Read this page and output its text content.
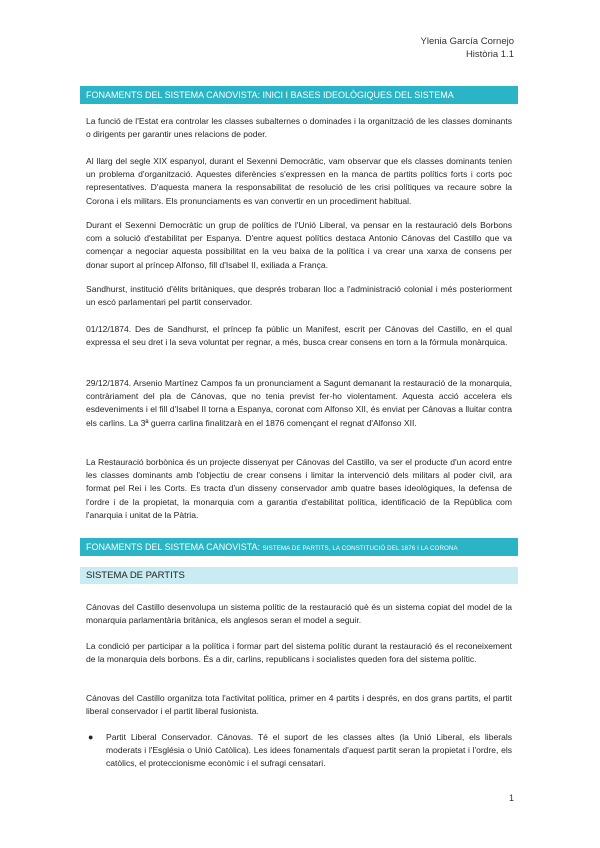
Ylenia García Cornejo
Història 1.1
FONAMENTS DEL SISTEMA CANOVISTA: INICI I BASES IDEOLÒGIQUES DEL SISTEMA

La funció de l'Estat era controlar les classes subalternes o dominades i la organització de les classes dominants o dirigents per garantir unes relacions de poder.

Al llarg del segle XIX espanyol, durant el Sexenni Democràtic, vam observar que els classes dominants tenien un problema d'organització. Aquestes diferències s'expressen en la manca de partits polítics forts i corts poc representatives. D'aquesta manera la responsabilitat de resolució de les crisi polítiques va recaure sobre la Corona i els militars. Els pronunciaments es van convertir en un procediment habitual.

Durant el Sexenni Democràtic un grup de polítics de l'Unió Liberal, va pensar en la restauració dels Borbons com a solució d'estabilitat per Espanya. D'entre aquest polítics destaca Antonio Cánovas del Castillo que va començar a negociar aquesta possibilitat en la veu baixa de la política i va crear una xarxa de consens per donar suport al príncep Alfonso, fill d'Isabel II, exiliada a França.

Sandhurst, institució d'èlits britàniques, que després trobaran lloc a l'administració colonial i més posteriorment un escó parlamentari pel partit conservador.

01/12/1874. Des de Sandhurst, el príncep fa públic un Manifest, escrit per Cánovas del Castillo, en el qual expressa el seu dret i la seva voluntat per regnar, a més, busca crear consens en torn a la fórmula monàrquica.

29/12/1874. Arsenio Martínez Campos fa un pronunciament a Sagunt demanant la restauració de la monarquia, contràriament del pla de Cánovas, que no tenia previst fer-ho violentament. Aquesta acció accelera els esdeveniments i el fill d'Isabel II torna a Espanya, coronat com Alfonso XII, és enviat per Cánovas a lluitar contra els carlins. La 3ª guerra carlina finalitzarà en el 1876 començant el regnat d'Alfonso XII.

La Restauració borbònica és un projecte dissenyat per Cánovas del Castillo, va ser el producte d'un acord entre les classes dominants amb l'objectiu de crear consens i limitar la intervenció dels militars al poder civil, ara format pel Rei i les Corts. Es tracta d'un disseny conservador amb quatre bases ideològiques, la defensa de l'ordre i de la propietat, la monarquia com a garantia d'estabilitat política, identificació de la República com l'anarquia i unitat de la Pàtria.

FONAMENTS DEL SISTEMA CANOVISTA: SISTEMA DE PARTITS, LA CONSTITUCIÓ DEL 1876 I LA CORONA
SISTEMA DE PARTITS

Cánovas del Castillo desenvolupa un sistema polític de la restauració què és un sistema copiat del model de la monarquia parlamentària britànica, els anglesos seran el model a seguir.

La condició per participar a la política i formar part del sistema polític durant la restauració és el reconeixement de la monarquia dels borbons. És a dir, carlins, republicans i socialistes queden fora del sistema polític.

Cánovas del Castillo organitza tota l'activitat política, primer en 4 partits i després, en dos grans partits, el partit liberal conservador i el partit liberal fusionista.

● Partit Liberal Conservador. Cánovas. Té el suport de les classes altes (la Unió Liberal, els liberals moderats i l'Església o Unió Catòlica). Les idees fonamentals d'aquest partit seran la propietat i l'ordre, els catòlics, el proteccionisme econòmic i el sufragi censatari.

1
